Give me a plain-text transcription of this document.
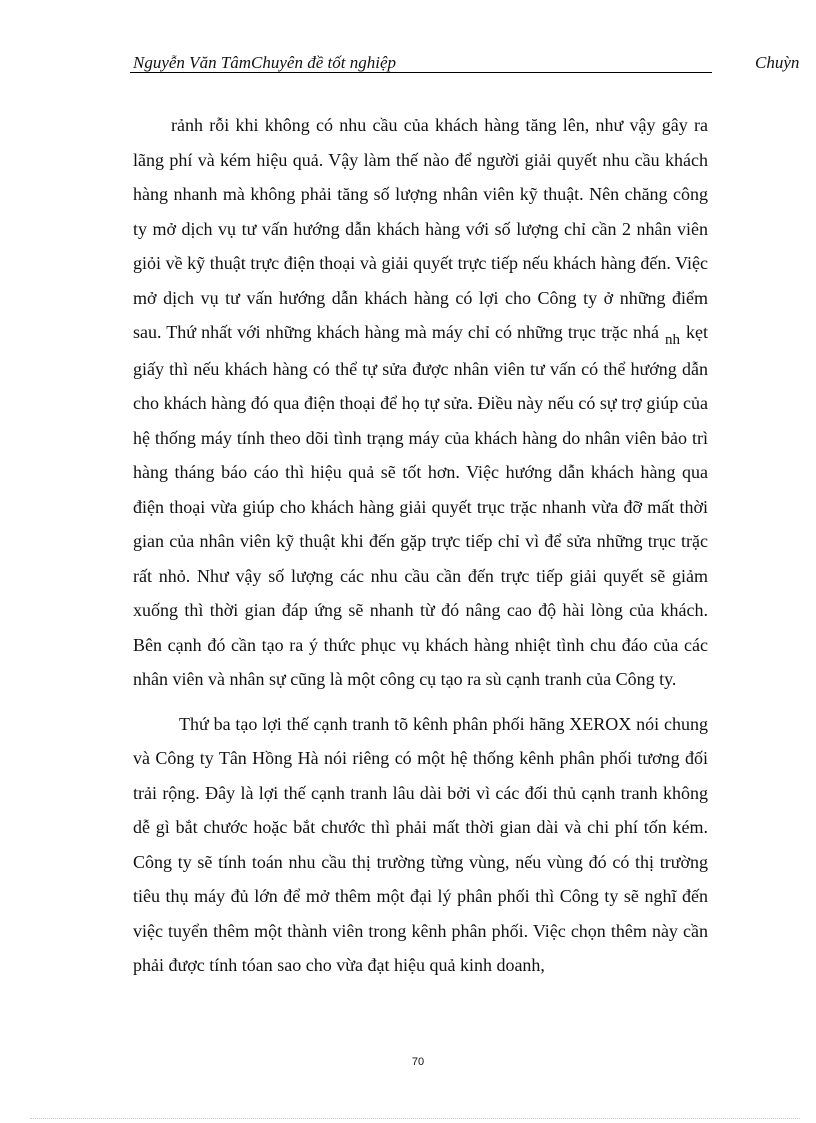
Nguyễn Văn TâmChuyên đề tốt nghiệp	Chuỳn

rảnh rỗi khi không có nhu cầu của khách hàng tăng lên, như vậy gây ra lãng phí và kém hiệu quả. Vậy làm thế nào để người giải quyết nhu cầu khách hàng nhanh mà không phải tăng số lượng nhân viên kỹ thuật. Nên chăng công ty mở dịch vụ tư vấn hướng dẫn khách hàng với số lượng chỉ cần 2 nhân viên giỏi về kỹ thuật trực điện thoại và giải quyết trực tiếp nếu khách hàng đến. Việc mở dịch vụ tư vấn hướng dẫn khách hàng có lợi cho Công ty ở những điểm sau. Thứ nhất với những khách hàng mà máy chỉ có những trục trặc nhá $_{nh}$ kẹt giấy thì nếu khách hàng có thể tự sửa được nhân viên tư vấn có thể hướng dẫn cho khách hàng đó qua điện thoại để họ tự sửa. Điều này nếu có sự trợ giúp của hệ thống máy tính theo dõi tình trạng máy của khách hàng do nhân viên bảo trì hàng tháng báo cáo thì hiệu quả sẽ tốt hơn. Việc hướng dẫn khách hàng qua điện thoại vừa giúp cho khách hàng giải quyết trục trặc nhanh vừa đỡ mất thời gian của nhân viên kỹ thuật khi đến gặp trực tiếp chỉ vì để sửa những trục trặc rất nhỏ. Như vậy số lượng các nhu cầu cần đến trực tiếp giải quyết sẽ giảm xuống thì thời gian đáp ứng sẽ nhanh từ đó nâng cao độ hài lòng của khách. Bên cạnh đó cần tạo ra ý thức phục vụ khách hàng nhiệt tình chu đáo của các nhân viên và nhân sự cũng là một công cụ tạo ra sù cạnh tranh của Công ty.

Thứ ba tạo lợi thế cạnh tranh tõ kênh phân phối hãng XEROX nói chung và Công ty Tân Hồng Hà nói riêng có một hệ thống kênh phân phối tương đối trải rộng. Đây là lợi thế cạnh tranh lâu dài bởi vì các đối thủ cạnh tranh không dễ gì bắt chước hoặc bắt chước thì phải mất thời gian dài và chi phí tốn kém. Công ty sẽ tính toán nhu cầu thị trường từng vùng, nếu vùng đó có thị trường tiêu thụ máy đủ lớn để mở thêm một đại lý phân phối thì Công ty sẽ nghĩ đến việc tuyển thêm một thành viên trong kênh phân phối. Việc chọn thêm này cần phải được tính tóan sao cho vừa đạt hiệu quả kinh doanh,

70
